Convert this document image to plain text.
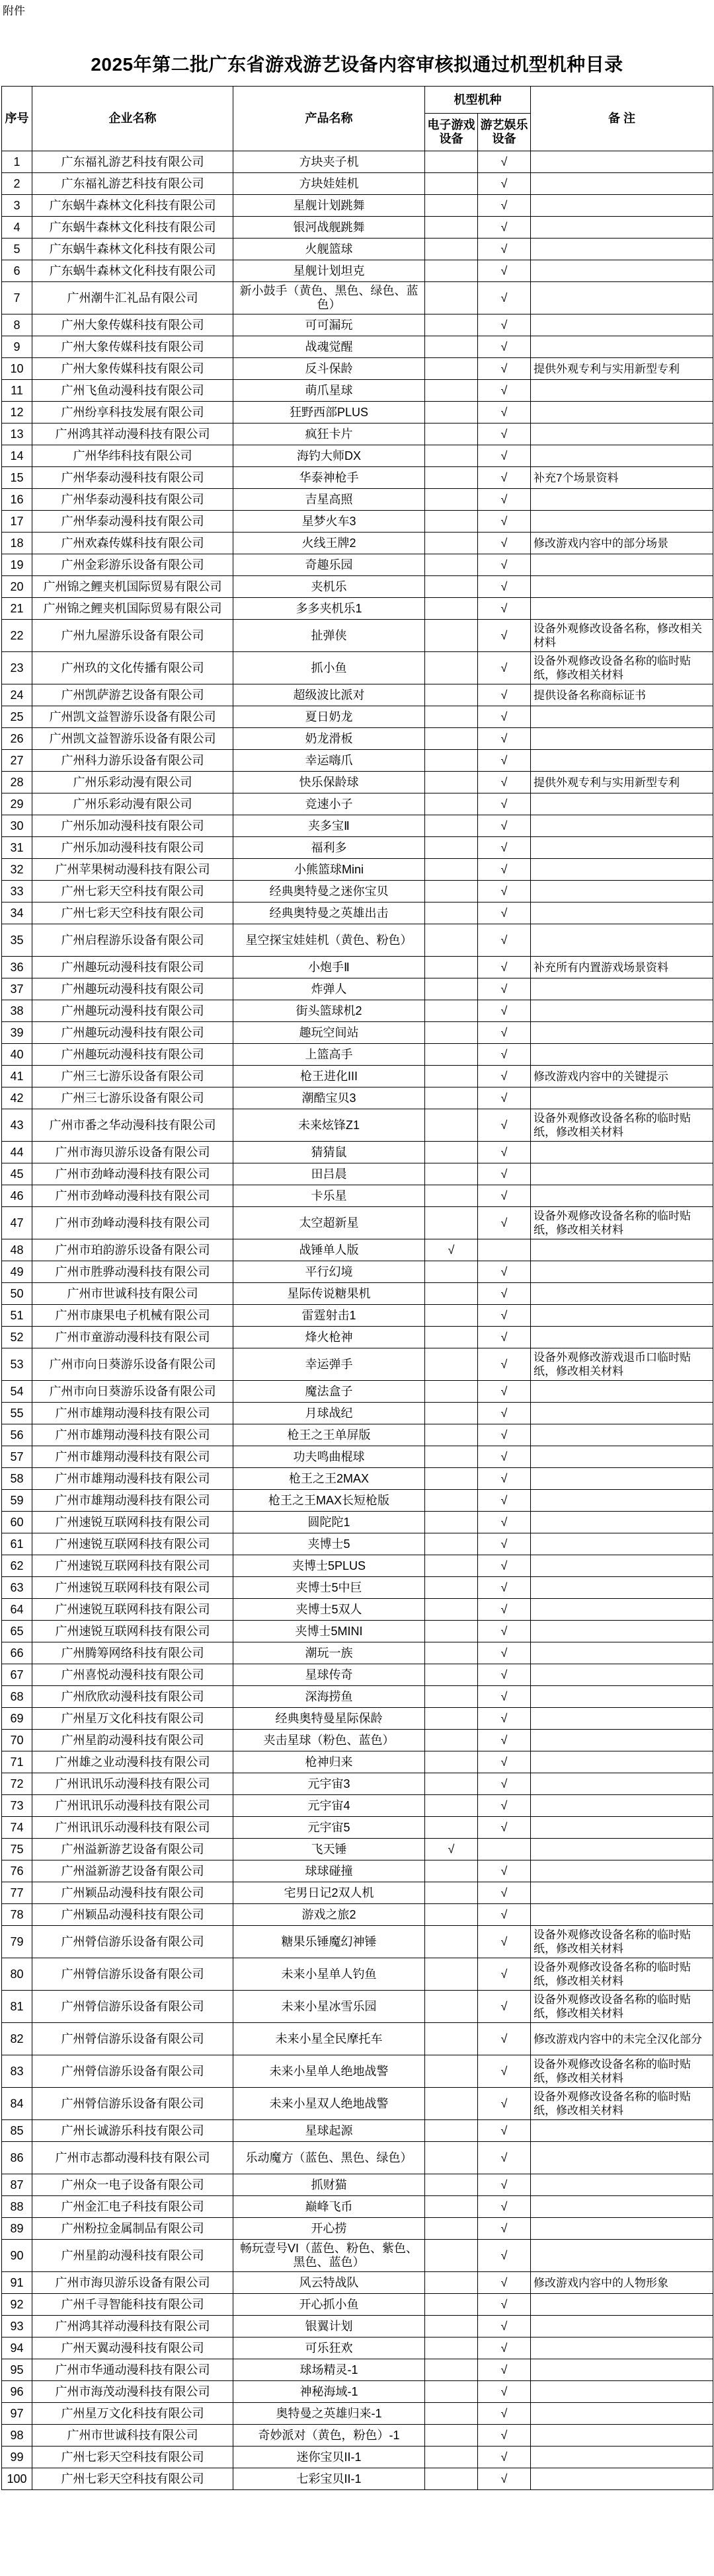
附件
2025年第二批广东省游戏游艺设备内容审核拟通过机型机种目录
序号	企业名称	产品名称	机型机种		备 注
			电子游戏设备	游艺娱乐设备	
1	广东福礼游艺科技有限公司	方块夹子机		√	
2	广东福礼游艺科技有限公司	方块娃娃机		√	
3	广东蜗牛森林文化科技有限公司	星舰计划跳舞		√	
4	广东蜗牛森林文化科技有限公司	银河战舰跳舞		√	
5	广东蜗牛森林文化科技有限公司	火舰篮球		√	
6	广东蜗牛森林文化科技有限公司	星舰计划坦克		√	
7	广州潮牛汇礼品有限公司	新小鼓手（黄色、黑色、绿色、蓝色）		√	
8	广州大象传媒科技有限公司	可可漏玩		√	
9	广州大象传媒科技有限公司	战魂觉醒		√	
10	广州大象传媒科技有限公司	反斗保龄		√	提供外观专利与实用新型专利
11	广州飞鱼动漫科技有限公司	萌爪星球		√	
12	广州纷享科技发展有限公司	狂野西部PLUS		√	
13	广州鸿其祥动漫科技有限公司	疯狂卡片		√	
14	广州华纬科技有限公司	海钓大师DX		√	
15	广州华泰动漫科技有限公司	华泰神枪手		√	补充7个场景资料
16	广州华泰动漫科技有限公司	吉星高照		√	
17	广州华泰动漫科技有限公司	星梦火车3		√	
18	广州欢森传媒科技有限公司	火线王牌2		√	修改游戏内容中的部分场景
19	广州金彩游乐设备有限公司	奇趣乐园		√	
20	广州锦之鲤夹机国际贸易有限公司	夹机乐		√	
21	广州锦之鲤夹机国际贸易有限公司	多多夹机乐1		√	
22	广州九屋游乐设备有限公司	扯弹侠		√	设备外观修改设备名称，修改相关材料
23	广州玖的文化传播有限公司	抓小鱼		√	设备外观修改设备名称的临时贴纸，修改相关材料
24	广州凯萨游艺设备有限公司	超级波比派对		√	提供设备名称商标证书
25	广州凯文益智游乐设备有限公司	夏日奶龙		√	
26	广州凯文益智游乐设备有限公司	奶龙滑板		√	
27	广州科力游乐设备有限公司	幸运嗨爪		√	
28	广州乐彩动漫有限公司	快乐保龄球		√	提供外观专利与实用新型专利
29	广州乐彩动漫有限公司	竞速小子		√	
30	广州乐加动漫科技有限公司	夹多宝Ⅱ		√	
31	广州乐加动漫科技有限公司	福利多		√	
32	广州苹果树动漫科技有限公司	小熊篮球Mini		√	
33	广州七彩天空科技有限公司	经典奥特曼之迷你宝贝		√	
34	广州七彩天空科技有限公司	经典奥特曼之英雄出击		√	
35	广州启程游乐设备有限公司	星空探宝娃娃机（黄色、粉色）		√	
36	广州趣玩动漫科技有限公司	小炮手Ⅱ		√	补充所有内置游戏场景资料
37	广州趣玩动漫科技有限公司	炸弹人		√	
38	广州趣玩动漫科技有限公司	街头篮球机2		√	
39	广州趣玩动漫科技有限公司	趣玩空间站		√	
40	广州趣玩动漫科技有限公司	上篮高手		√	
41	广州三七游乐设备有限公司	枪王进化III		√	修改游戏内容中的关键提示
42	广州三七游乐设备有限公司	潮酷宝贝3		√	
43	广州市番之华动漫科技有限公司	未来炫锋Z1		√	设备外观修改设备名称的临时贴纸，修改相关材料
44	广州市海贝游乐设备有限公司	猜猜鼠		√	
45	广州市劲峰动漫科技有限公司	田吕晨		√	
46	广州市劲峰动漫科技有限公司	卡乐星		√	
47	广州市劲峰动漫科技有限公司	太空超新星		√	设备外观修改设备名称的临时贴纸，修改相关材料
48	广州市珀韵游乐设备有限公司	战锤单人版	√		
49	广州市胜骅动漫科技有限公司	平行幻境		√	
50	广州市世诚科技有限公司	星际传说糖果机		√	
51	广州市康果电子机械有限公司	雷霆射击1		√	
52	广州市童游动漫科技有限公司	烽火枪神		√	
53	广州市向日葵游乐设备有限公司	幸运弹手		√	设备外观修改游戏退币口临时贴纸，修改相关材料
54	广州市向日葵游乐设备有限公司	魔法盒子		√	
55	广州市雄翔动漫科技有限公司	月球战纪		√	
56	广州市雄翔动漫科技有限公司	枪王之王单屏版		√	
57	广州市雄翔动漫科技有限公司	功夫鸣曲棍球		√	
58	广州市雄翔动漫科技有限公司	枪王之王2MAX		√	
59	广州市雄翔动漫科技有限公司	枪王之王MAX长短枪版		√	
60	广州速锐互联网科技有限公司	圆陀陀1		√	
61	广州速锐互联网科技有限公司	夹博士5		√	
62	广州速锐互联网科技有限公司	夹博士5PLUS		√	
63	广州速锐互联网科技有限公司	夹博士5中巨		√	
64	广州速锐互联网科技有限公司	夹博士5双人		√	
65	广州速锐互联网科技有限公司	夹博士5MINI		√	
66	广州腾筹网络科技有限公司	潮玩一族		√	
67	广州喜悦动漫科技有限公司	星球传奇		√	
68	广州欣欣动漫科技有限公司	深海捞鱼		√	
69	广州星万文化科技有限公司	经典奥特曼星际保龄		√	
70	广州星韵动漫科技有限公司	夹击星球（粉色、蓝色）		√	
71	广州雄之业动漫科技有限公司	枪神归来		√	
72	广州讯讯乐动漫科技有限公司	元宇宙3		√	
73	广州讯讯乐动漫科技有限公司	元宇宙4		√	
74	广州讯讯乐动漫科技有限公司	元宇宙5		√	
75	广州溢新游艺设备有限公司	飞天锤	√		
76	广州溢新游艺设备有限公司	球球碰撞		√	
77	广州颖品动漫科技有限公司	宅男日记2双人机		√	
78	广州颖品动漫科技有限公司	游戏之旅2		√	
79	广州膋信游乐设备有限公司	糖果乐锤魔幻神锤		√	设备外观修改设备名称的临时贴纸，修改相关材料
80	广州膋信游乐设备有限公司	未来小星单人钓鱼		√	设备外观修改设备名称的临时贴纸，修改相关材料
81	广州膋信游乐设备有限公司	未来小星冰雪乐园		√	设备外观修改设备名称的临时贴纸，修改相关材料
82	广州膋信游乐设备有限公司	未来小星全民摩托车		√	修改游戏内容中的未完全汉化部分
83	广州膋信游乐设备有限公司	未来小星单人绝地战警		√	设备外观修改设备名称的临时贴纸，修改相关材料
84	广州膋信游乐设备有限公司	未来小星双人绝地战警		√	设备外观修改设备名称的临时贴纸，修改相关材料
85	广州长诚游乐科技有限公司	星球起源		√	
86	广州市志都动漫科技有限公司	乐动魔方（蓝色、黑色、绿色）		√	
87	广州众一电子设备有限公司	抓财猫		√	
88	广州金汇电子科技有限公司	巅峰飞币		√	
89	广州粉拉金属制品有限公司	开心捞		√	
90	广州星韵动漫科技有限公司	畅玩壹号VI（蓝色、粉色、紫色、黑色、蓝色）		√	
91	广州市海贝游乐设备有限公司	风云特战队		√	修改游戏内容中的人物形象
92	广州千寻智能科技有限公司	开心抓小鱼		√	
93	广州鸿其祥动漫科技有限公司	银翼计划		√	
94	广州天翼动漫科技有限公司	可乐狂欢		√	
95	广州市华通动漫科技有限公司	球场精灵-1		√	
96	广州市海茂动漫科技有限公司	神秘海域-1		√	
97	广州星万文化科技有限公司	奥特曼之英雄归来-1		√	
98	广州市世诚科技有限公司	奇妙派对（黄色，粉色）-1		√	
99	广州七彩天空科技有限公司	迷你宝贝II-1		√	
100	广州七彩天空科技有限公司	七彩宝贝II-1		√	
